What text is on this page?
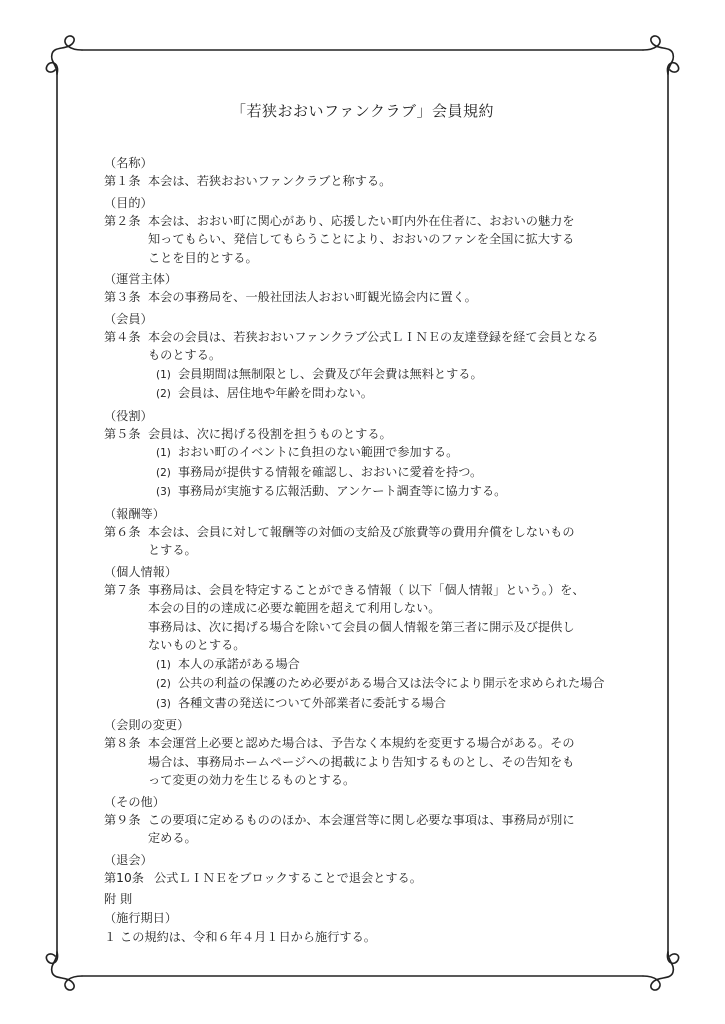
「若狭おおいファンクラブ」会員規約
（名称）
第１条 本会は、若狭おおいファンクラブと称する。
（目的）
第２条 本会は、おおい町に関心があり、応援したい町内外在住者に、おおいの魅力を
知ってもらい、発信してもらうことにより、おおいのファンを全国に拡大する
ことを目的とする。
（運営主体）
第３条 本会の事務局を、一般社団法人おおい町観光協会内に置く。
（会員）
第４条 本会の会員は、若狭おおいファンクラブ公式ＬＩＮＥの友達登録を経て会員となる
ものとする。
(1) 会員期間は無制限とし、会費及び年会費は無料とする。
(2) 会員は、居住地や年齢を問わない。
（役割）
第５条 会員は、次に掲げる役割を担うものとする。
(1) おおい町のイベントに負担のない範囲で参加する。
(2) 事務局が提供する情報を確認し、おおいに愛着を持つ。
(3) 事務局が実施する広報活動、アンケート調査等に協力する。
（報酬等）
第６条 本会は、会員に対して報酬等の対価の支給及び旅費等の費用弁償をしないもの
とする。
（個人情報）
第７条 事務局は、会員を特定することができる情報（ 以下「個人情報」という。）を、
本会の目的の達成に必要な範囲を超えて利用しない。
事務局は、次に掲げる場合を除いて会員の個人情報を第三者に開示及び提供し
ないものとする。
(1) 本人の承諾がある場合
(2) 公共の利益の保護のため必要がある場合又は法令により開示を求められた場合
(3) 各種文書の発送について外部業者に委託する場合
（会則の変更）
第８条 本会運営上必要と認めた場合は、予告なく本規約を変更する場合がある。その
場合は、事務局ホームページへの掲載により告知するものとし、その告知をも
って変更の効力を生じるものとする。
（その他）
第９条 この要項に定めるもののほか、本会運営等に関し必要な事項は、事務局が別に
定める。
（退会）
第10条 公式ＬＩＮＥをブロックすることで退会とする。
附 則
（施行期日）
１ この規約は、令和６年４月１日から施行する。
